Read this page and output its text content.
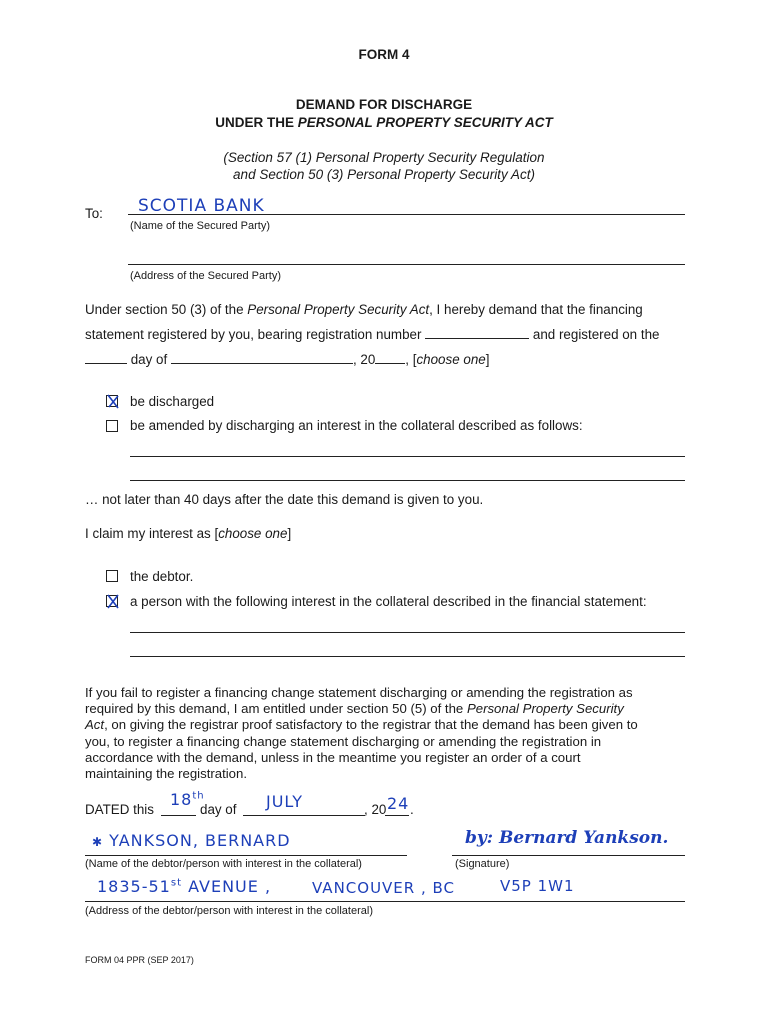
FORM 4
DEMAND FOR DISCHARGE
UNDER THE PERSONAL PROPERTY SECURITY ACT
(Section 57 (1) Personal Property Security Regulation
and Section 50 (3) Personal Property Security Act)
To: SCOTIA BANK
(Name of the Secured Party)
(Address of the Secured Party)
Under section 50 (3) of the Personal Property Security Act, I hereby demand that the financing
statement registered by you, bearing registration number	and registered on the
day of	, 20 , [choose one]
be discharged
be amended by discharging an interest in the collateral described as follows:
… not later than 40 days after the date this demand is given to you.
I claim my interest as [choose one]
the debtor.
a person with the following interest in the collateral described in the financial statement:
If you fail to register a financing change statement discharging or amending the registration as
required by this demand, I am entitled under section 50 (5) of the Personal Property Security
Act, on giving the registrar proof satisfactory to the registrar that the demand has been given to
you, to register a financing change statement discharging or amending the registration in
accordance with the demand, unless in the meantime you register an order of a court
maintaining the registration.
DATED this
18th
day of JULY	, 20 24 .
✱ YANKSON, BERNARD
(Name of the debtor/person with interest in the collateral)
by: Bernard Yankson.
(Signature)
1835-51st AVENUE ,	VANCOUVER , BC	V5P 1W1
(Address of the debtor/person with interest in the collateral)
FORM 04 PPR (SEP 2017)
